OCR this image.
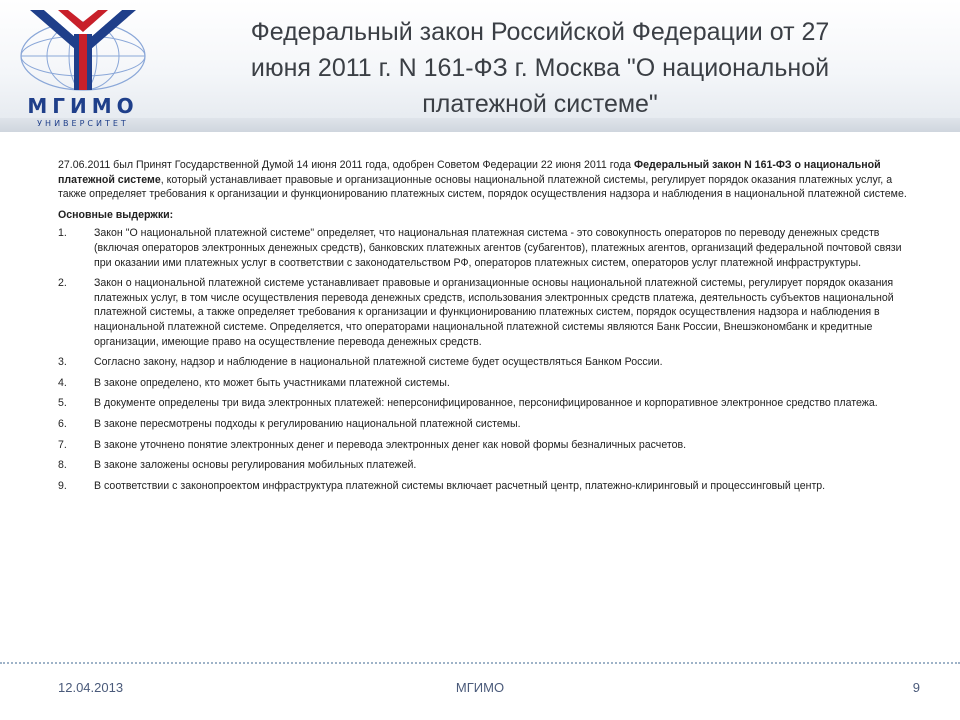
МГИМО
УНИВЕРСИТЕТ
Федеральный закон Российской Федерации от 27
июня 2011 г. N 161-ФЗ г. Москва "О национальной
платежной системе"

27.06.2011 был Принят Государственной Думой 14 июня 2011 года, одобрен Советом Федерации 22 июня 2011 года Федеральный закон N 161-ФЗ о национальной платежной системе, который устанавливает правовые и организационные основы национальной платежной системы, регулирует порядок оказания платежных услуг, а также определяет требования к организации и функционированию платежных систем, порядок осуществления надзора и наблюдения в национальной платежной системе.

Основные выдержки:

1.	Закон "О национальной платежной системе" определяет, что национальная платежная система - это совокупность операторов по переводу денежных средств (включая операторов электронных денежных средств), банковских платежных агентов (субагентов), платежных агентов, организаций федеральной почтовой связи при оказании ими платежных услуг в соответствии с законодательством РФ, операторов платежных систем, операторов услуг платежной инфраструктуры.
2.	Закон о национальной платежной системе устанавливает правовые и организационные основы национальной платежной системы, регулирует порядок оказания платежных услуг, в том числе осуществления перевода денежных средств, использования электронных средств платежа, деятельность субъектов национальной платежной системы, а также определяет требования к организации и функционированию платежных систем, порядок осуществления надзора и наблюдения в национальной платежной системе. Определяется, что операторами национальной платежной системы являются Банк России, Внешэкономбанк и кредитные организации, имеющие право на осуществление перевода денежных средств.
3.	Согласно закону, надзор и наблюдение в национальной платежной системе будет осуществляться Банком России.
4.	В законе определено, кто может быть участниками платежной системы.
5.	В документе определены три вида электронных платежей: неперсонифицированное, персонифицированное и корпоративное электронное средство платежа.
6.	В законе пересмотрены подходы к регулированию национальной платежной системы.
7.	В законе уточнено понятие электронных денег и перевода электронных денег как новой формы безналичных расчетов.
8.	В законе заложены основы регулирования мобильных платежей.
9.	В соответствии с законопроектом инфраструктура платежной системы включает расчетный центр, платежно-клиринговый и процессинговый центр.
12.04.2013	МГИМО	9
